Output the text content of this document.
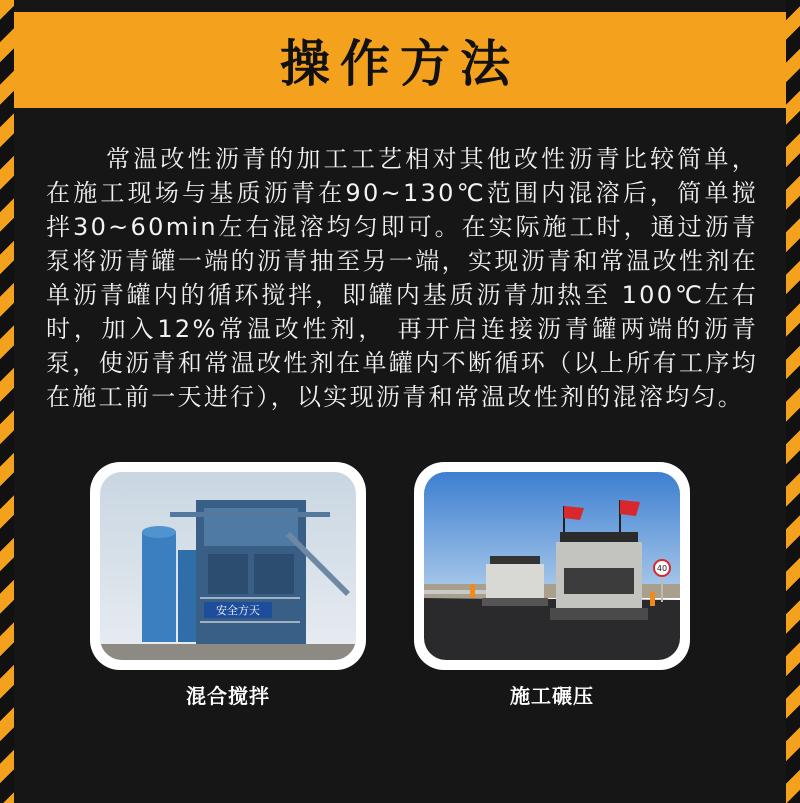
操作方法
常温改性沥青的加工工艺相对其他改性沥青比较简单，在施工现场与基质沥青在90~130℃范围内混溶后，简单搅拌30~60min左右混溶均匀即可。在实际施工时，通过沥青泵将沥青罐一端的沥青抽至另一端，实现沥青和常温改性剂在单沥青罐内的循环搅拌，即罐内基质沥青加热至 100℃左右时，加入12%常温改性剂， 再开启连接沥青罐两端的沥青泵，使沥青和常温改性剂在单罐内不断循环（以上所有工序均在施工前一天进行），以实现沥青和常温改性剂的混溶均匀。
安全方天
40
混合搅拌	施工碾压
